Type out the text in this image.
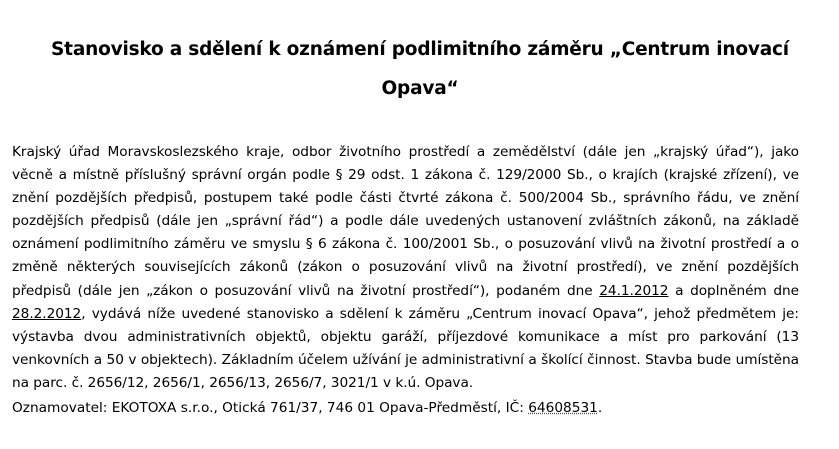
Stanovisko a sdělení k oznámení podlimitního záměru „Centrum inovací Opava“
Krajský úřad Moravskoslezského kraje, odbor životního prostředí a zemědělství (dále jen „krajský úřad“), jako věcně a místně příslušný správní orgán podle § 29 odst. 1 zákona č. 129/2000 Sb., o krajích (krajské zřízení), ve znění pozdějších předpisů, postupem také podle části čtvrté zákona č. 500/2004 Sb., správního řádu, ve znění pozdějších předpisů (dále jen „správní řád“) a podle dále uvedených ustanovení zvláštních zákonů, na základě oznámení podlimitního záměru ve smyslu § 6 zákona č. 100/2001 Sb., o posuzování vlivů na životní prostředí a o změně některých souvisejících zákonů (zákon o posuzování vlivů na životní prostředí), ve znění pozdějších předpisů (dále jen „zákon o posuzování vlivů na životní prostředí“), podaném dne 24.1.2012 a doplněném dne 28.2.2012, vydává níže uvedené stanovisko a sdělení k záměru „Centrum inovací Opava“, jehož předmětem je: výstavba dvou administrativních objektů, objektu garáží, příjezdové komunikace a míst pro parkování (13 venkovních a 50 v objektech). Základním účelem užívání je administrativní a školící činnost. Stavba bude umístěna na parc. č. 2656/12, 2656/1, 2656/13, 2656/7, 3021/1 v k.ú. Opava.
Oznamovatel: EKOTOXA s.r.o., Otická 761/37, 746 01 Opava-Předměstí, IČ: 64608531.
